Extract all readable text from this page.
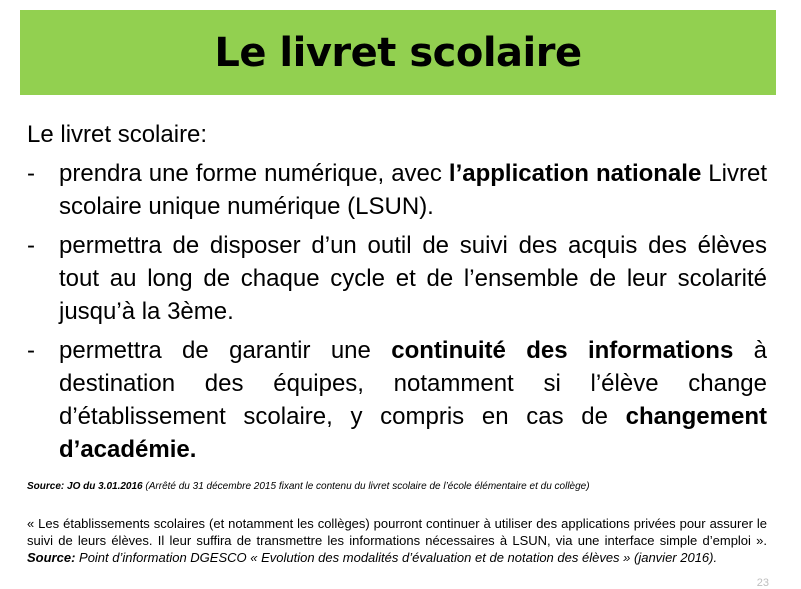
Le livret scolaire
Le livret scolaire:
-	prendra une forme numérique, avec l’application nationale Livret scolaire unique numérique (LSUN).
-	permettra de disposer d’un outil de suivi des acquis des élèves tout au long de chaque cycle et de l’ensemble de leur scolarité jusqu’à la 3ème.
-	permettra de garantir une continuité des informations à destination des équipes, notamment si l’élève change d’établissement scolaire, y compris en cas de changement d’académie.
Source: JO du 3.01.2016 (Arrêté du 31 décembre 2015 fixant le contenu du livret scolaire de l’école élémentaire et du collège)
« Les établissements scolaires (et notamment les collèges) pourront continuer à utiliser des applications privées pour assurer le suivi de leurs élèves. Il leur suffira de transmettre les informations nécessaires à LSUN, via une interface simple d’emploi ». Source: Point d’information DGESCO « Evolution des modalités d’évaluation et de notation des élèves » (janvier 2016).
23
